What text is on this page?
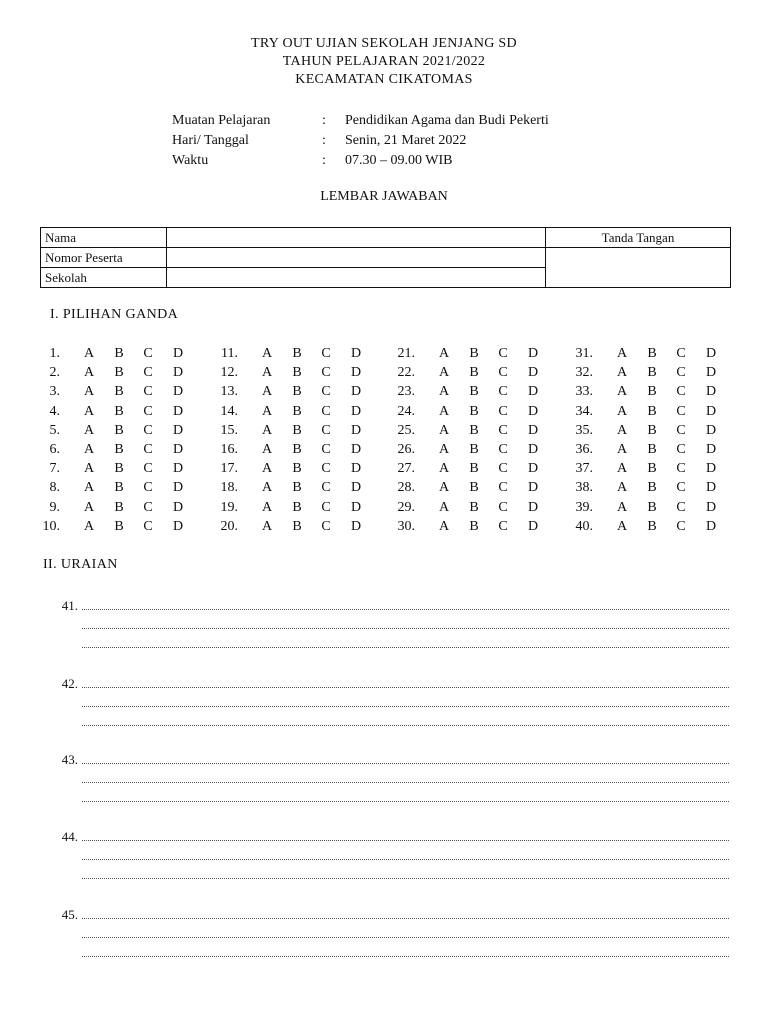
TRY OUT UJIAN SEKOLAH JENJANG SD
TAHUN PELAJARAN 2021/2022
KECAMATAN CIKATOMAS
Muatan Pelajaran	: Pendidikan Agama dan Budi Pekerti
Hari/ Tanggal	: Senin, 21 Maret 2022
Waktu	: 07.30 – 09.00 WIB
LEMBAR JAWABAN
Nama		Tanda Tangan
Nomor Peserta		
Sekolah		
I. PILIHAN GANDA
1. A B C D
2. A B C D
3. A B C D
4. A B C D
5. A B C D
6. A B C D
7. A B C D
8. A B C D
9. A B C D
10. A B C D
11. A B C D
12. A B C D
13. A B C D
14. A B C D
15. A B C D
16. A B C D
17. A B C D
18. A B C D
19. A B C D
20. A B C D
21. A B C D
22. A B C D
23. A B C D
24. A B C D
25. A B C D
26. A B C D
27. A B C D
28. A B C D
29. A B C D
30. A B C D
31. A B C D
32. A B C D
33. A B C D
34. A B C D
35. A B C D
36. A B C D
37. A B C D
38. A B C D
39. A B C D
40. A B C D
II. URAIAN
41.
42.
43.
44.
45.
